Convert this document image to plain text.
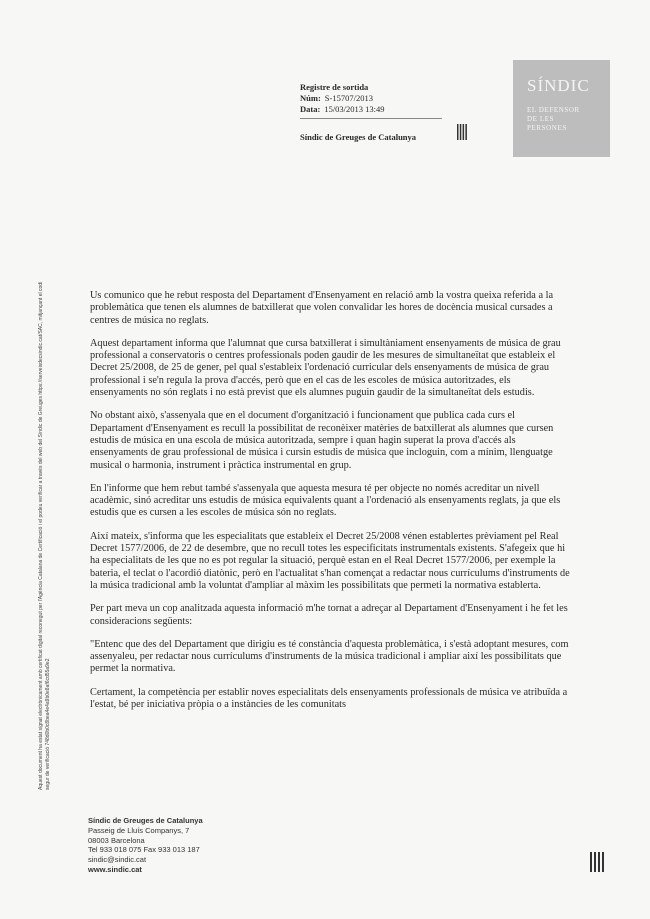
Registre de sortida
Núm: S-15707/2013
Data: 15/03/2013 13:49
Síndic de Greuges de Catalunya
SÍNDIC
EL DEFENSOR
DE LES
PERSONES
Aquest document ha estat signat electrònicament amb certificat digital reconegut per l'Agència Catalana de Certificació i el podeu verificar a través del web del Síndic de Greuges https://serveisdecsindic.cat/SAC, mitjançant el codi segur de verificació 748d0b0c8bea4e4a9b0e8af6cd55a9e2

Us comunico que he rebut resposta del Departament d'Ensenyament en relació amb la vostra queixa referida a la problemàtica que tenen els alumnes de batxillerat que volen convalidar les hores de docència musical cursades a centres de música no reglats.

Aquest departament informa que l'alumnat que cursa batxillerat i simultàniament ensenyaments de música de grau professional a conservatoris o centres professionals poden gaudir de les mesures de simultaneïtat que estableix el Decret 25/2008, de 25 de gener, pel qual s'estableix l'ordenació curricular dels ensenyaments de música de grau professional i se'n regula la prova d'accés, però que en el cas de les escoles de música autoritzades, els ensenyaments no són reglats i no està previst que els alumnes puguin gaudir de la simultaneïtat dels estudis.

No obstant això, s'assenyala que en el document d'organització i funcionament que publica cada curs el Departament d'Ensenyament es recull la possibilitat de reconèixer matèries de batxillerat als alumnes que cursen estudis de música en una escola de música autoritzada, sempre i quan hagin superat la prova d'accés als ensenyaments de grau professional de música i cursin estudis de música que incloguin, com a mínim, llenguatge musical o harmonia, instrument i pràctica instrumental en grup.

En l'informe que hem rebut també s'assenyala que aquesta mesura té per objecte no només acreditar un nivell acadèmic, sinó acreditar uns estudis de música equivalents quant a l'ordenació als ensenyaments reglats, ja que els estudis que es cursen a les escoles de música són no reglats.

Així mateix, s'informa que les especialitats que estableix el Decret 25/2008 vénen establertes prèviament pel Real Decret 1577/2006, de 22 de desembre, que no recull totes les especificitats instrumentals existents. S'afegeix que hi ha especialitats de les que no es pot regular la situació, perquè estan en el Real Decret 1577/2006, per exemple la bateria, el teclat o l'acordió diatònic, però en l'actualitat s'han començat a redactar nous currículums d'instruments de la música tradicional amb la voluntat d'ampliar al màxim les possibilitats que permeti la normativa establerta.

Per part meva un cop analitzada aquesta informació m'he tornat a adreçar al Departament d'Ensenyament i he fet les consideracions següents:

"Entenc que des del Departament que dirigiu es té constància d'aquesta problemàtica, i s'està adoptant mesures, com assenyaleu, per redactar nous currículums d'instruments de la música tradicional i ampliar així les possibilitats que permet la normativa.

Certament, la competència per establir noves especialitats dels ensenyaments professionals de música ve atribuïda a l'estat, bé per iniciativa pròpia o a instàncies de les comunitats

Síndic de Greuges de Catalunya
Passeig de Lluís Companys, 7
08003 Barcelona
Tel 933 018 075 Fax 933 013 187
sindic@sindic.cat
www.sindic.cat
